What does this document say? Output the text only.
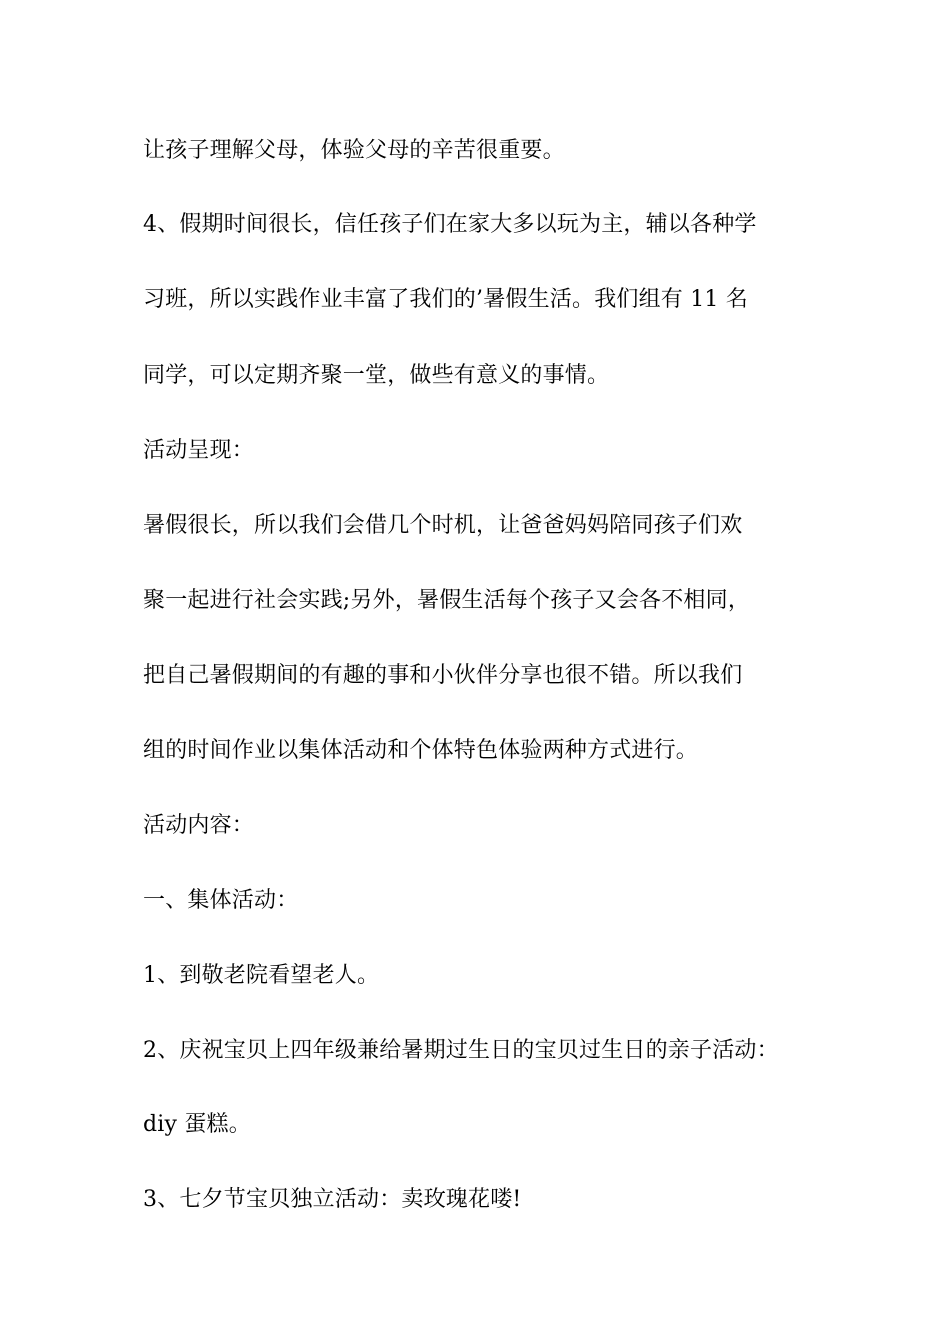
让孩子理解父母，体验父母的辛苦很重要。
4、假期时间很长，信任孩子们在家大多以玩为主，辅以各种学
习班，所以实践作业丰富了我们的’暑假生活。我们组有 11 名
同学，可以定期齐聚一堂，做些有意义的事情。
活动呈现：
暑假很长，所以我们会借几个时机，让爸爸妈妈陪同孩子们欢
聚一起进行社会实践;另外，暑假生活每个孩子又会各不相同，
把自己暑假期间的有趣的事和小伙伴分享也很不错。所以我们
组的时间作业以集体活动和个体特色体验两种方式进行。
活动内容：
一、集体活动：
1、到敬老院看望老人。
2、庆祝宝贝上四年级兼给暑期过生日的宝贝过生日的亲子活动：
diy 蛋糕。
3、七夕节宝贝独立活动：卖玫瑰花喽!
